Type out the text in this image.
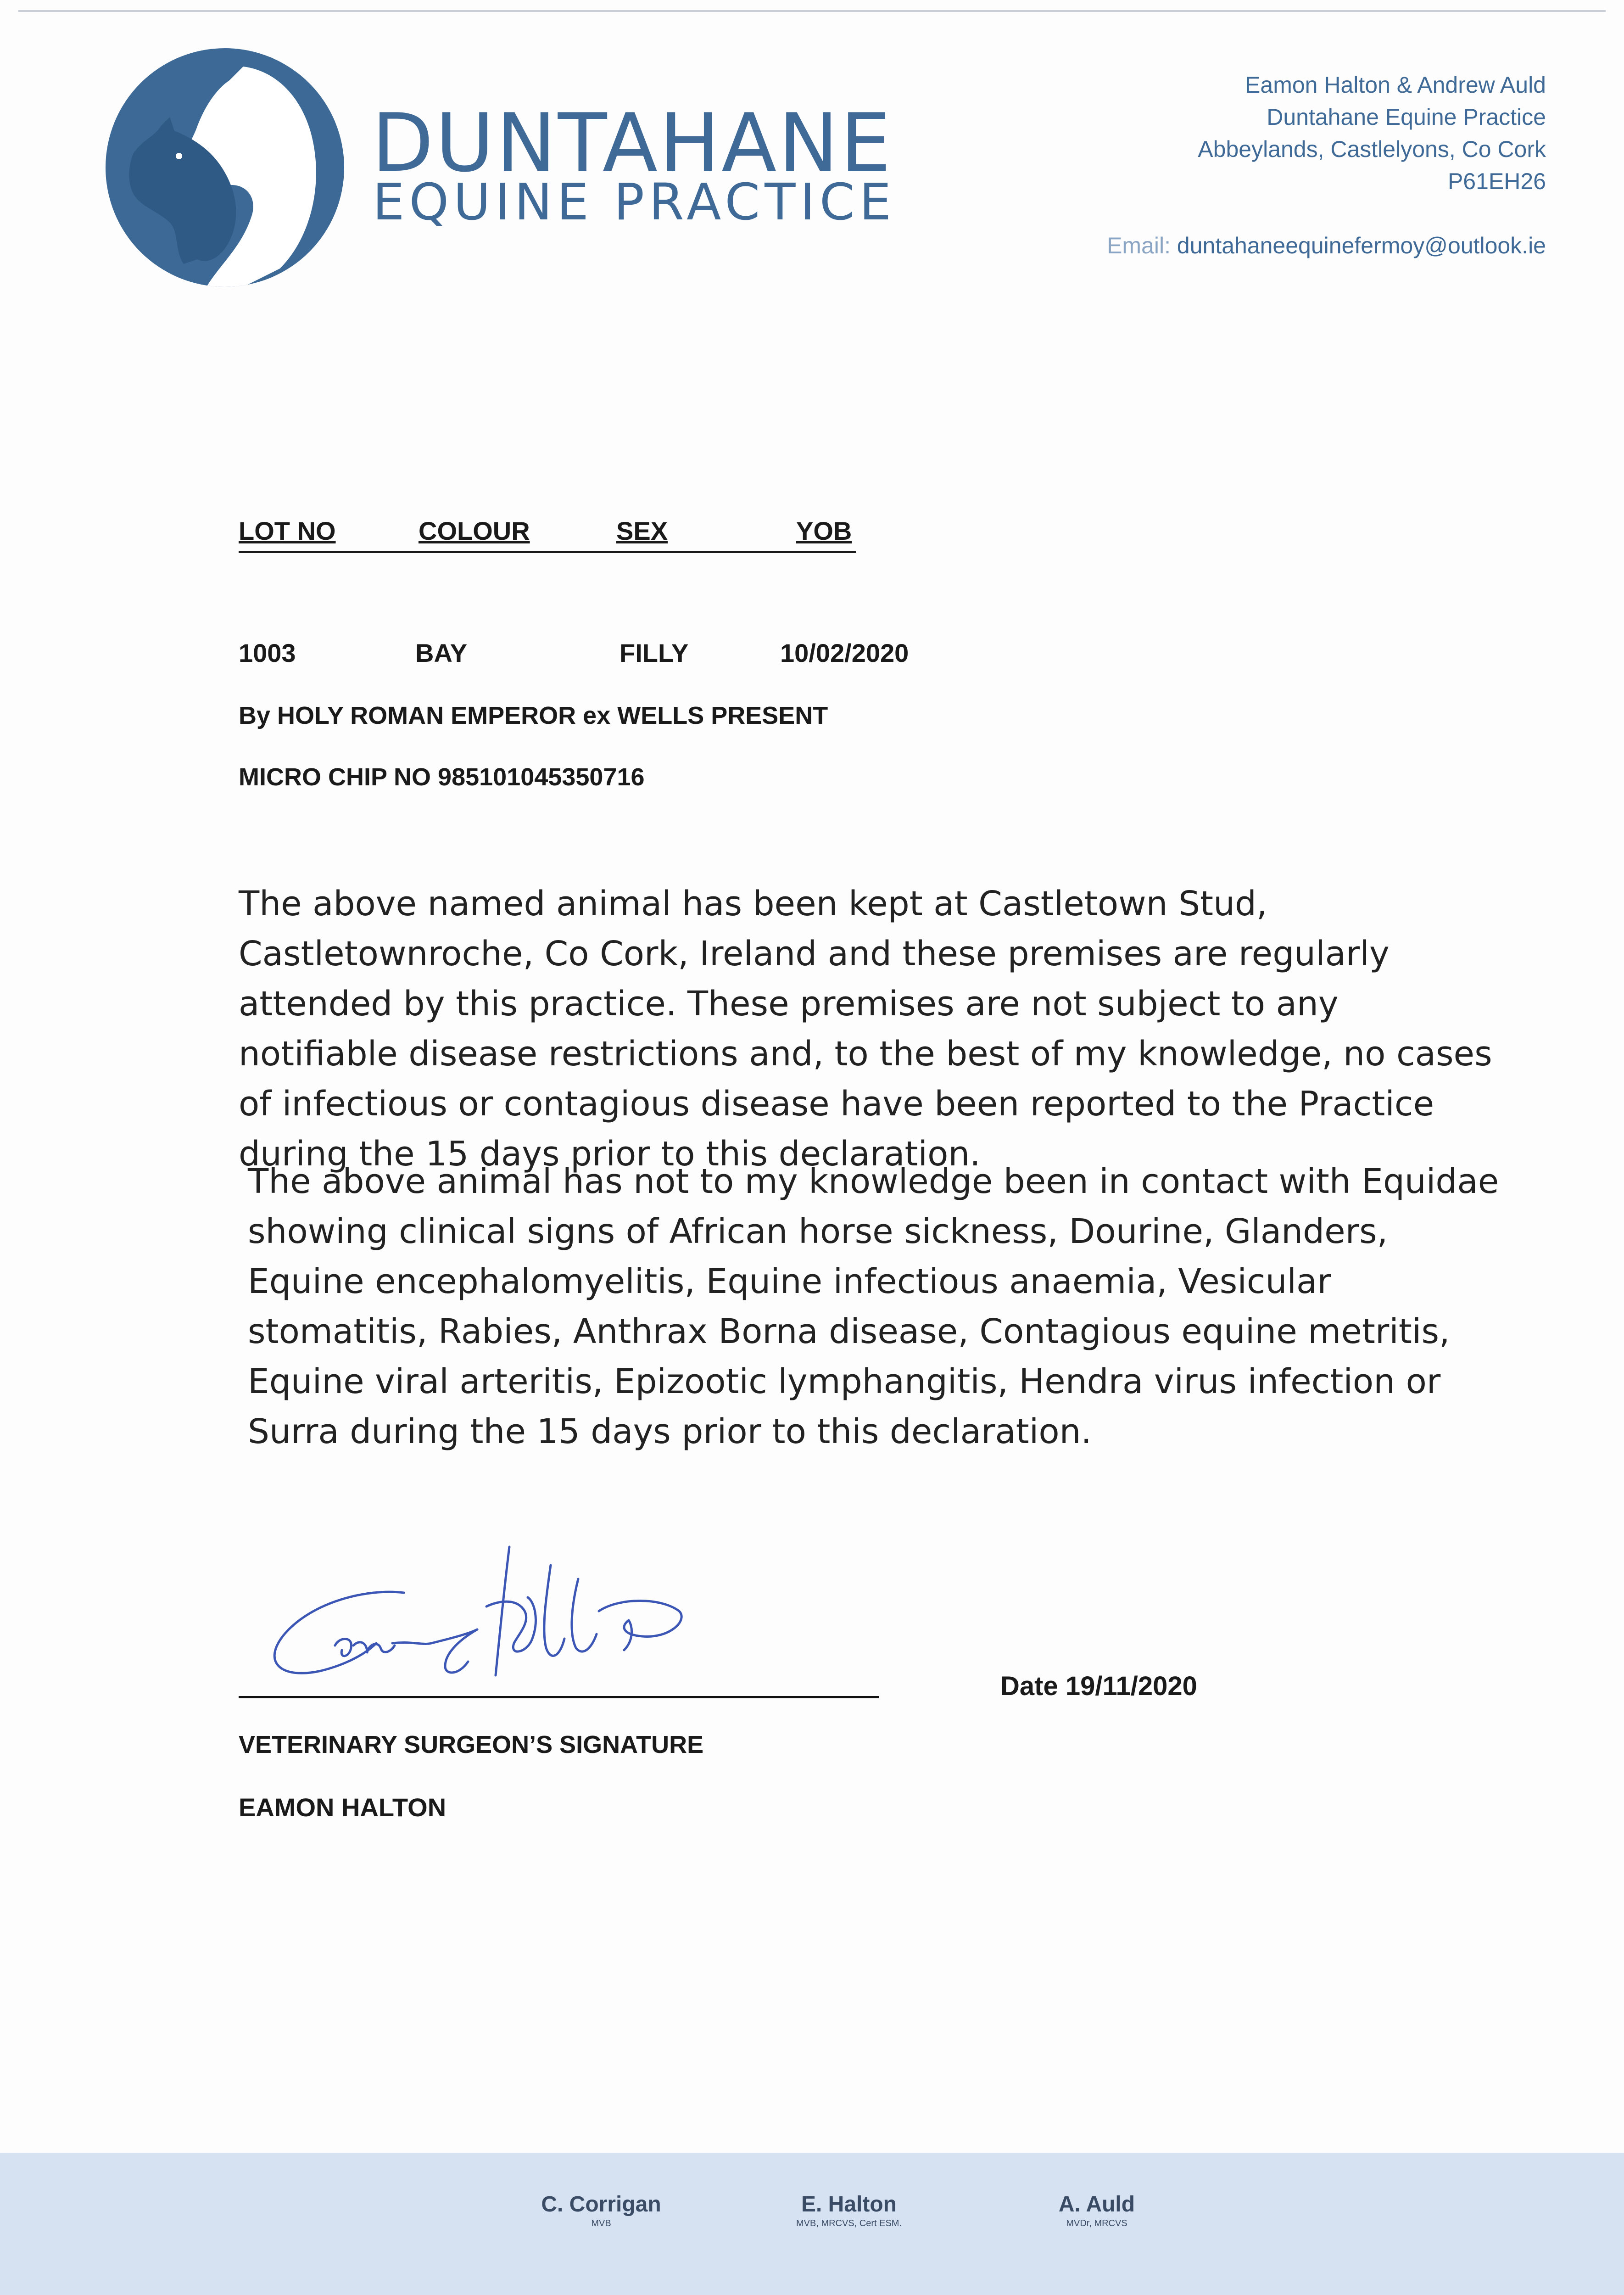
DUNTAHANE
EQUINE PRACTICE
Eamon Halton & Andrew Auld
Duntahane Equine Practice
Abbeylands, Castlelyons, Co Cork
P61EH26
Email: duntahaneequinefermoy@outlook.ie
LOT NO	COLOUR	SEX	YOB
1003	BAY	FILLY	10/02/2020
By HOLY ROMAN EMPEROR ex WELLS PRESENT
MICRO CHIP NO 985101045350716

The above named animal has been kept at Castletown Stud, Castletownroche, Co Cork, Ireland and these premises are regularly attended by this practice. These premises are not subject to any notifiable disease restrictions and, to the best of my knowledge, no cases of infectious or contagious disease have been reported to the Practice during the 15 days prior to this declaration.

The above animal has not to my knowledge been in contact with Equidae showing clinical signs of African horse sickness, Dourine, Glanders, Equine encephalomyelitis, Equine infectious anaemia, Vesicular stomatitis, Rabies, Anthrax Borna disease, Contagious equine metritis, Equine viral arteritis, Epizootic lymphangitis, Hendra virus infection or Surra during the 15 days prior to this declaration.

VETERINARY SURGEON’S SIGNATURE
EAMON HALTON
Date 19/11/2020
C. Corrigan
MVB
E. Halton
MVB, MRCVS, Cert ESM.
A. Auld
MVDr, MRCVS
